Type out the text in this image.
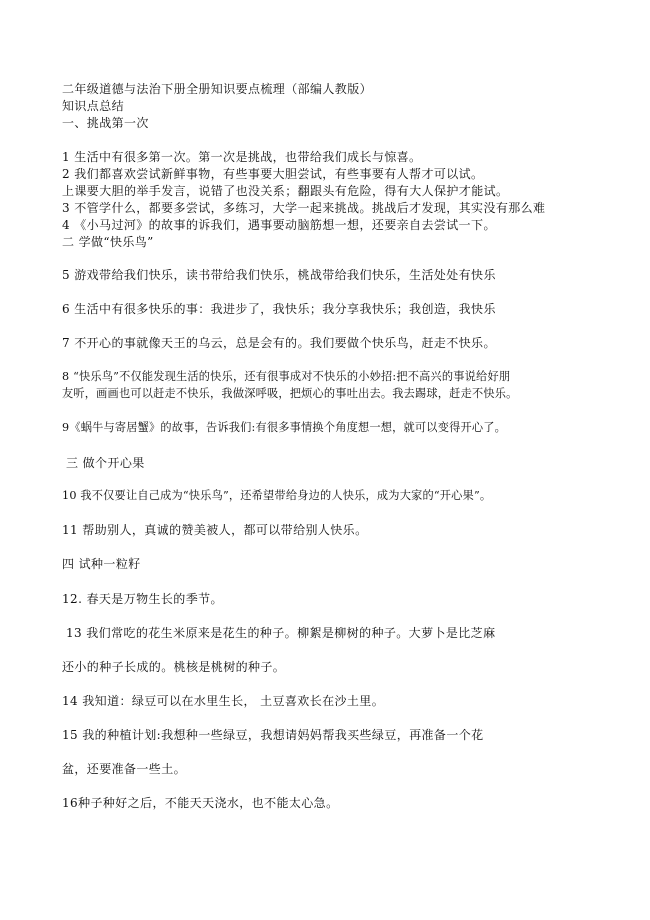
二年级道德与法治下册全册知识要点梳理（部编人教版）
知识点总结
一、挑战第一次
1 生活中有很多第一次。第一次是挑战，也带给我们成长与惊喜。
2 我们都喜欢尝试新鲜事物，有些事要大胆尝试，有些事要有人帮才可以试。
上课要大胆的举手发言，说错了也没关系；翻跟头有危险，得有大人保护才能试。
3 不管学什么，都要多尝试，多练习，大学一起来挑战。挑战后才发现，其实没有那么难
4 《小马过河》的故事的诉我们，遇事要动脑筋想一想，还要亲自去尝试一下。
二 学做“快乐鸟”
5 游戏带给我们快乐，读书带给我们快乐，桃战带给我们快乐，生活处处有快乐
6 生活中有很多快乐的事：我进步了，我快乐；我分享我快乐；我创造，我快乐
7 不开心的事就像天王的乌云，总是会有的。我们要做个快乐鸟，赶走不快乐。
8 “快乐鸟”不仅能发现生活的快乐，还有很事成对不快乐的小妙招:把不高兴的事说给好朋
友听，画画也可以赶走不快乐，我做深呼吸，把烦心的事吐出去。我去踢球，赶走不快乐。
9《蜗牛与寄居蟹》的故事，告诉我们:有很多事情换个角度想一想，就可以变得开心了。
三 做个开心果
10 我不仅要让自己成为“快乐鸟”，还希望带给身边的人快乐，成为大家的“开心果”。
11 帮助别人，真诚的赞美被人，都可以带给别人快乐。
四 试种一粒籽
12. 春天是万物生长的季节。
13 我们常吃的花生米原来是花生的种子。柳絮是柳树的种子。大萝卜是比芝麻
还小的种子长成的。桃核是桃树的种子。
14 我知道：绿豆可以在水里生长， 土豆喜欢长在沙土里。
15 我的种植计划:我想种一些绿豆，我想请妈妈帮我买些绿豆，再准备一个花
盆，还要准备一些土。
16种子种好之后，不能天天浇水，也不能太心急。
